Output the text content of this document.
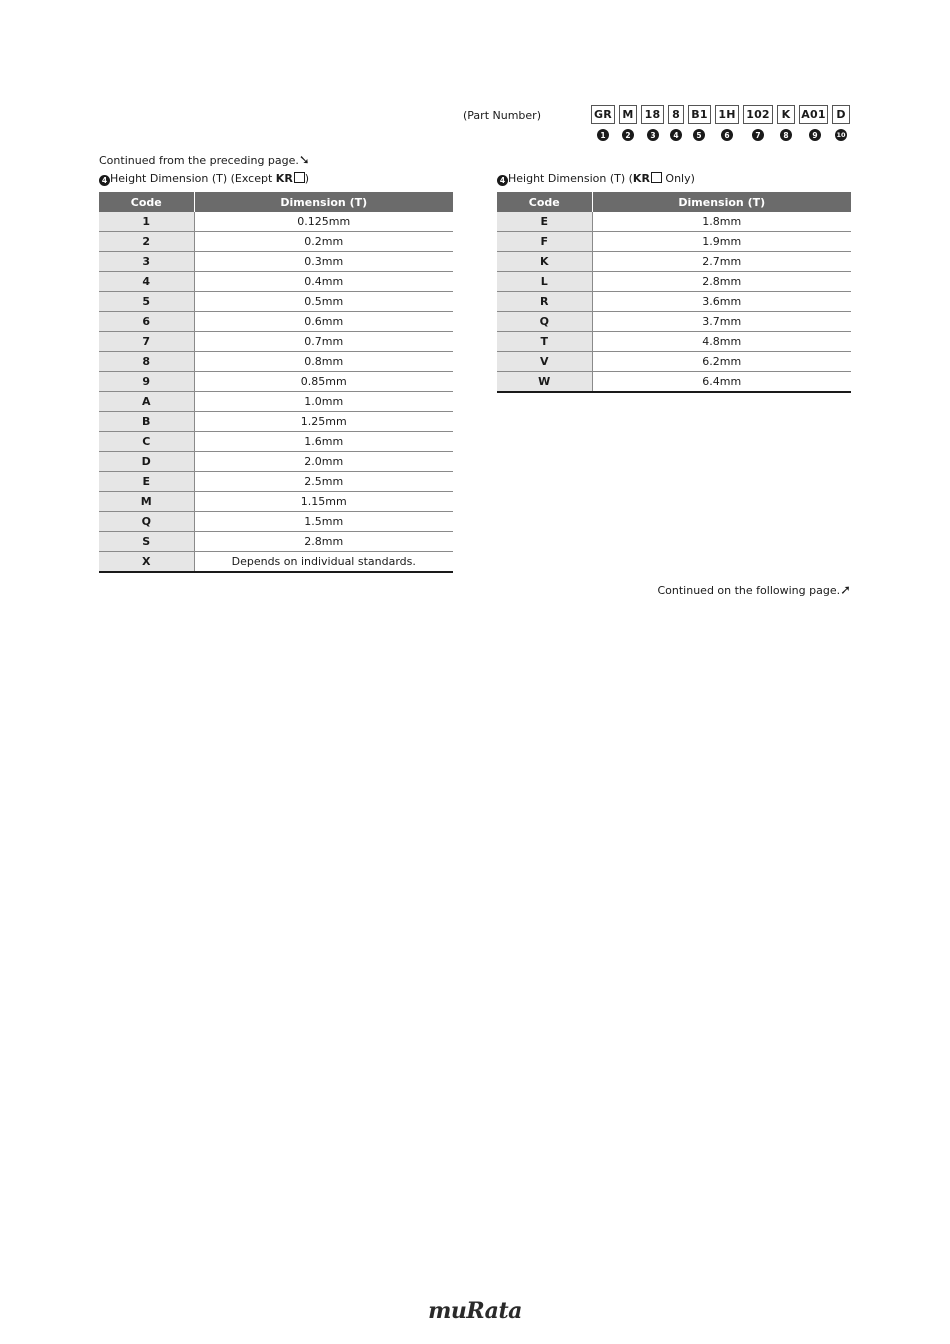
(Part Number)	GR M	18	8	B1 1H 102	K A01 D
1	2	3	4	5	6	7	8	9	10
Continued from the preceding page.➘
4 Height Dimension (T) (Except KR )	4 Height Dimension (T) (KR Only)
Code	Dimension (T)
1	0.125mm
2	0.2mm
3	0.3mm
4	0.4mm
5	0.5mm
6	0.6mm
7	0.7mm
8	0.8mm
9	0.85mm
A	1.0mm
B	1.25mm
C	1.6mm
D	2.0mm
E	2.5mm
M	1.15mm
Q	1.5mm
S	2.8mm
X	Depends on individual standards.
Code	Dimension (T)
E	1.8mm
F	1.9mm
K	2.7mm
L	2.8mm
R	3.6mm
Q	3.7mm
T	4.8mm
V	6.2mm
W	6.4mm
Continued on the following page.➚
muRata
